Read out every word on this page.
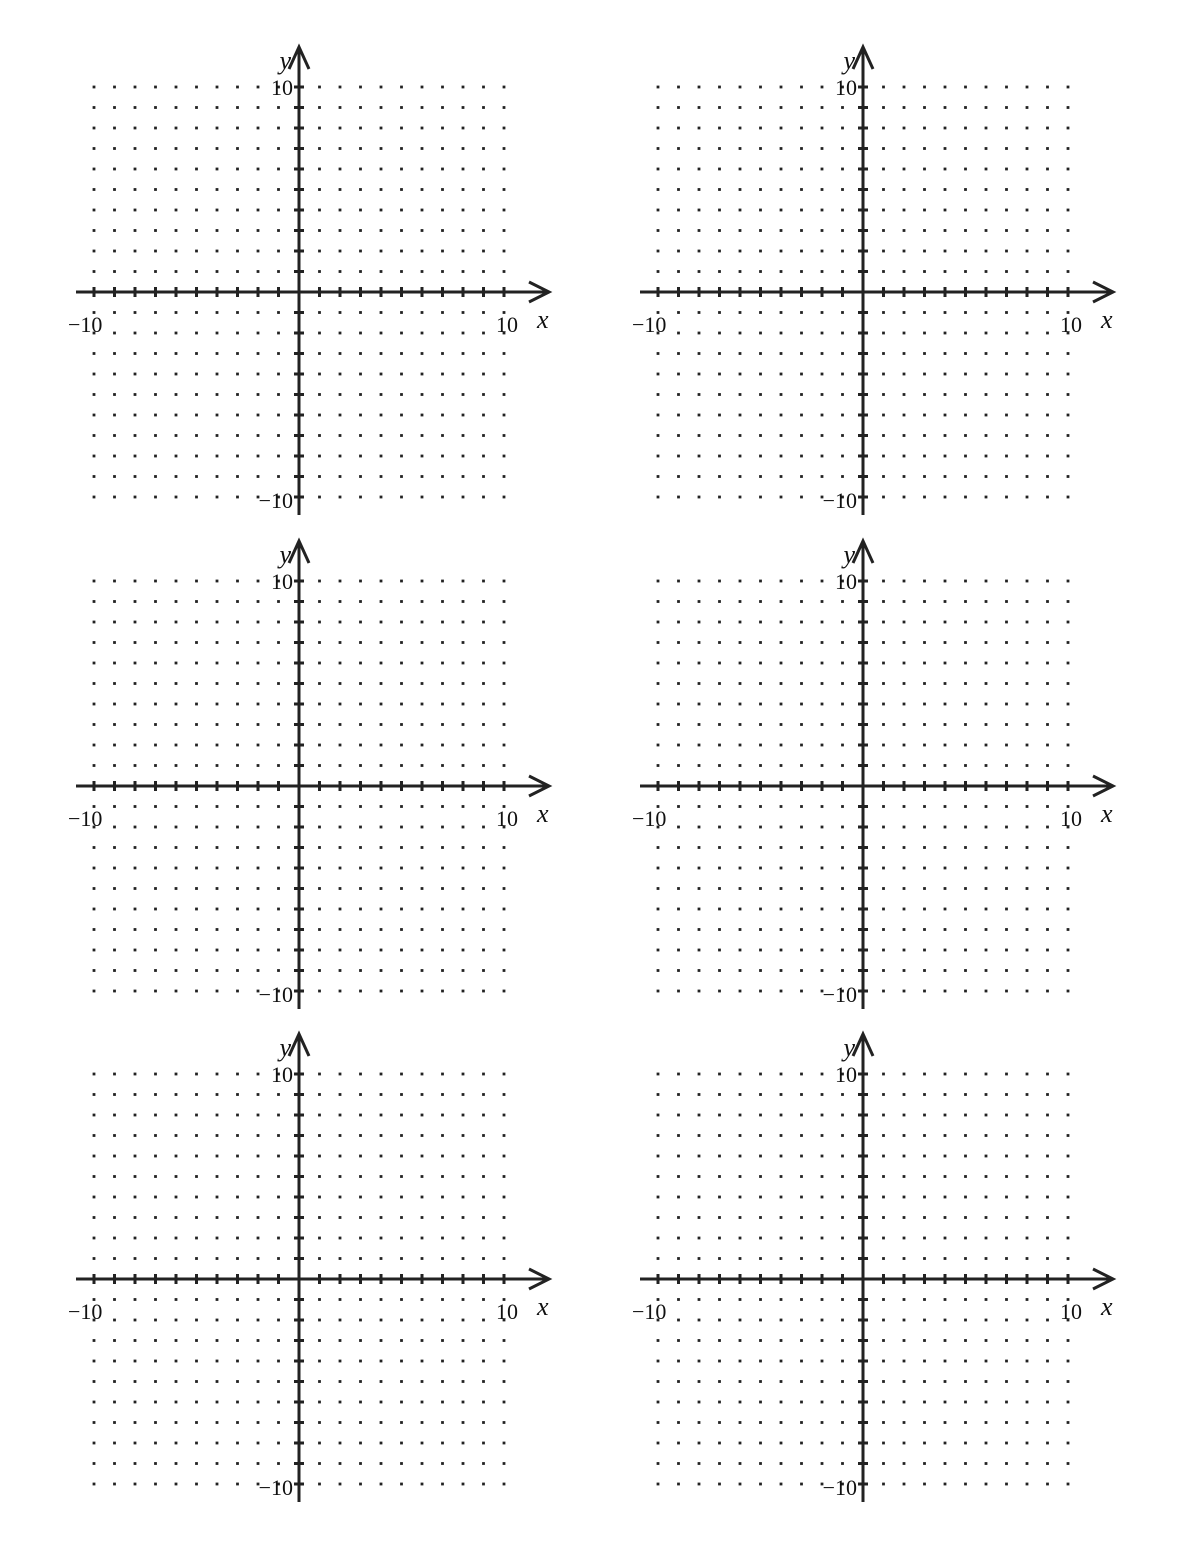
x
y
−10	10
10
−10
x
y
−10	10
10
−10
x
y
−10	10
10
−10
x
y
−10	10
10
−10
x
y
−10	10
10
−10
x
y
−10	10
10
−10
